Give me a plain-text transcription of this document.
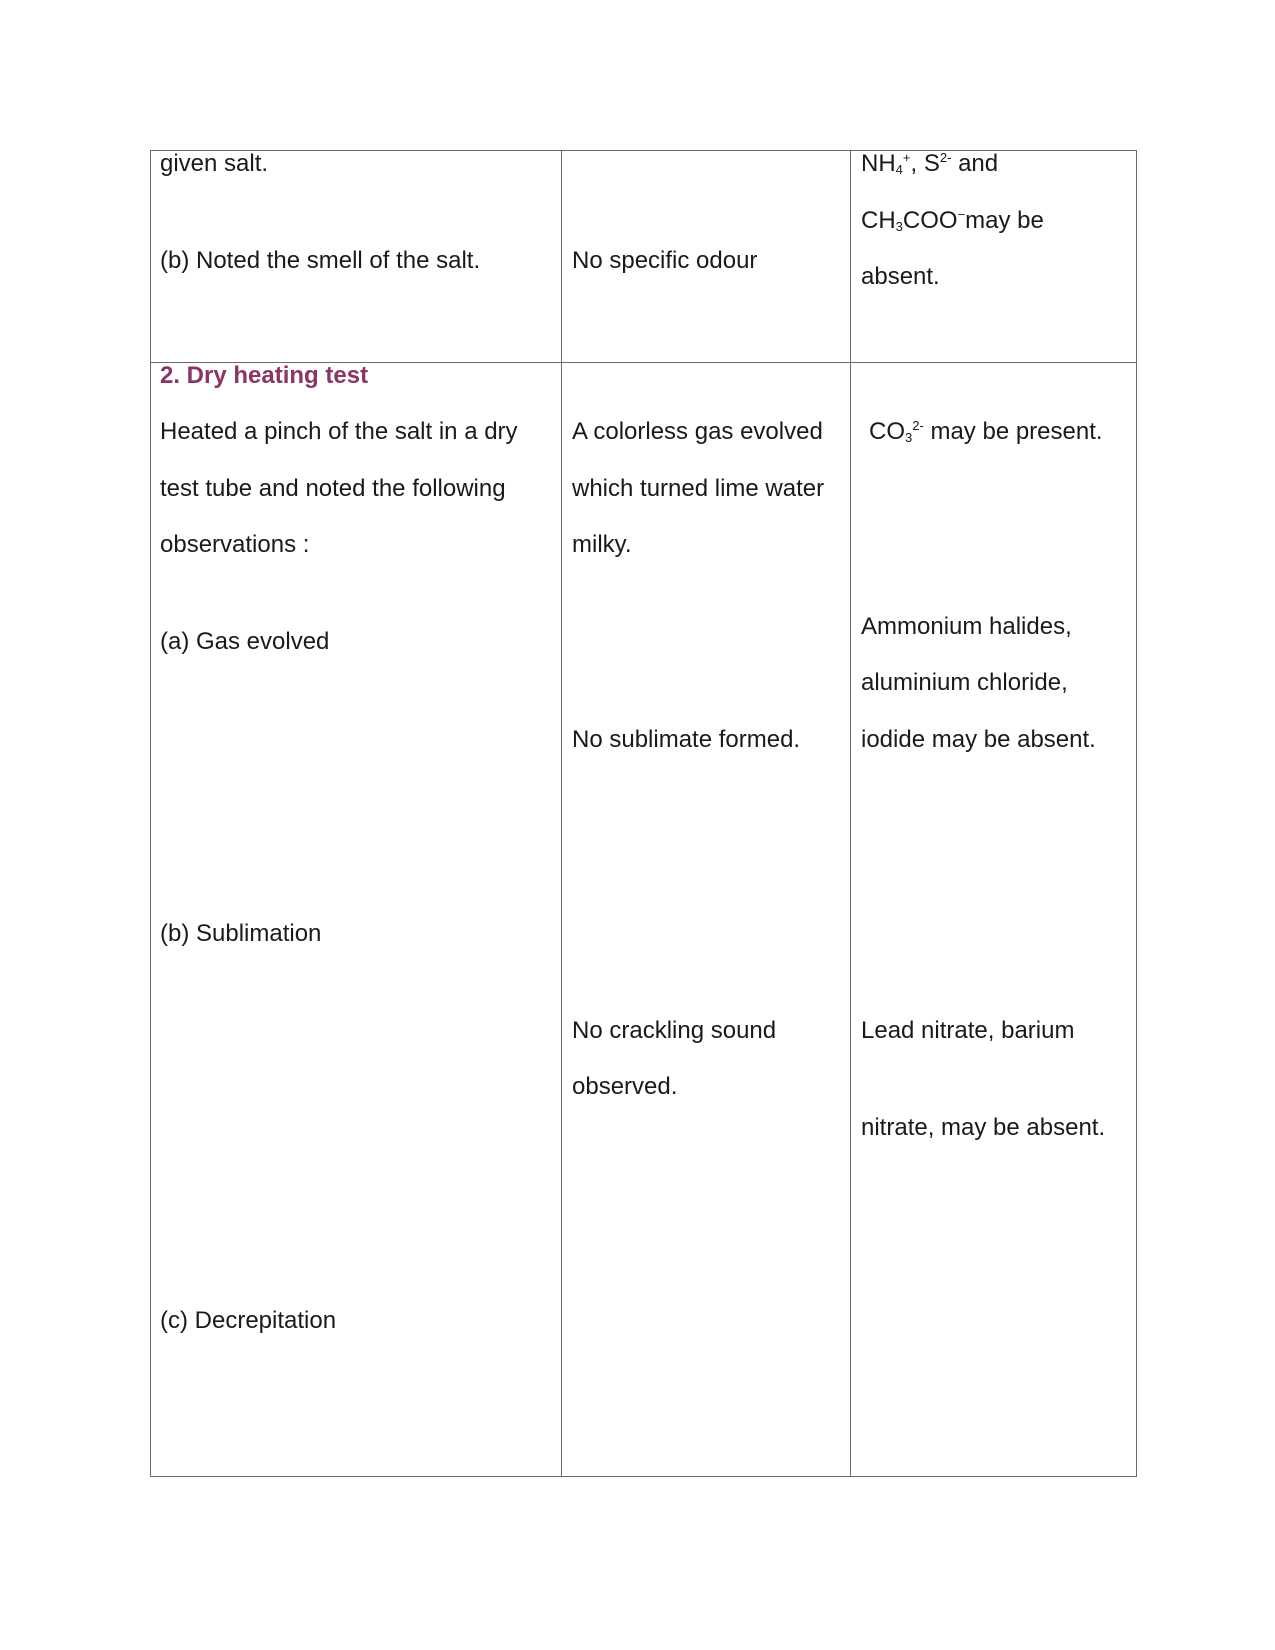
given salt.
(b) Noted the smell of the salt.	No specific odour
$NH_4^+$, $S^{2-}$ and
$CH_3COO^-may$ be
absent.
2. Dry heating test
Heated a pinch of the salt in a dry
test tube and noted the following
observations :
(a) Gas evolved
(b) Sublimation
(c) Decrepitation
A colorless gas evolved
which turned lime water
milky.
No sublimate formed.
No crackling sound
observed.
$CO_3^{2-}$ may be present.
Ammonium halides,
aluminium chloride,
iodide may be absent.
Lead nitrate, barium
nitrate, may be absent.
